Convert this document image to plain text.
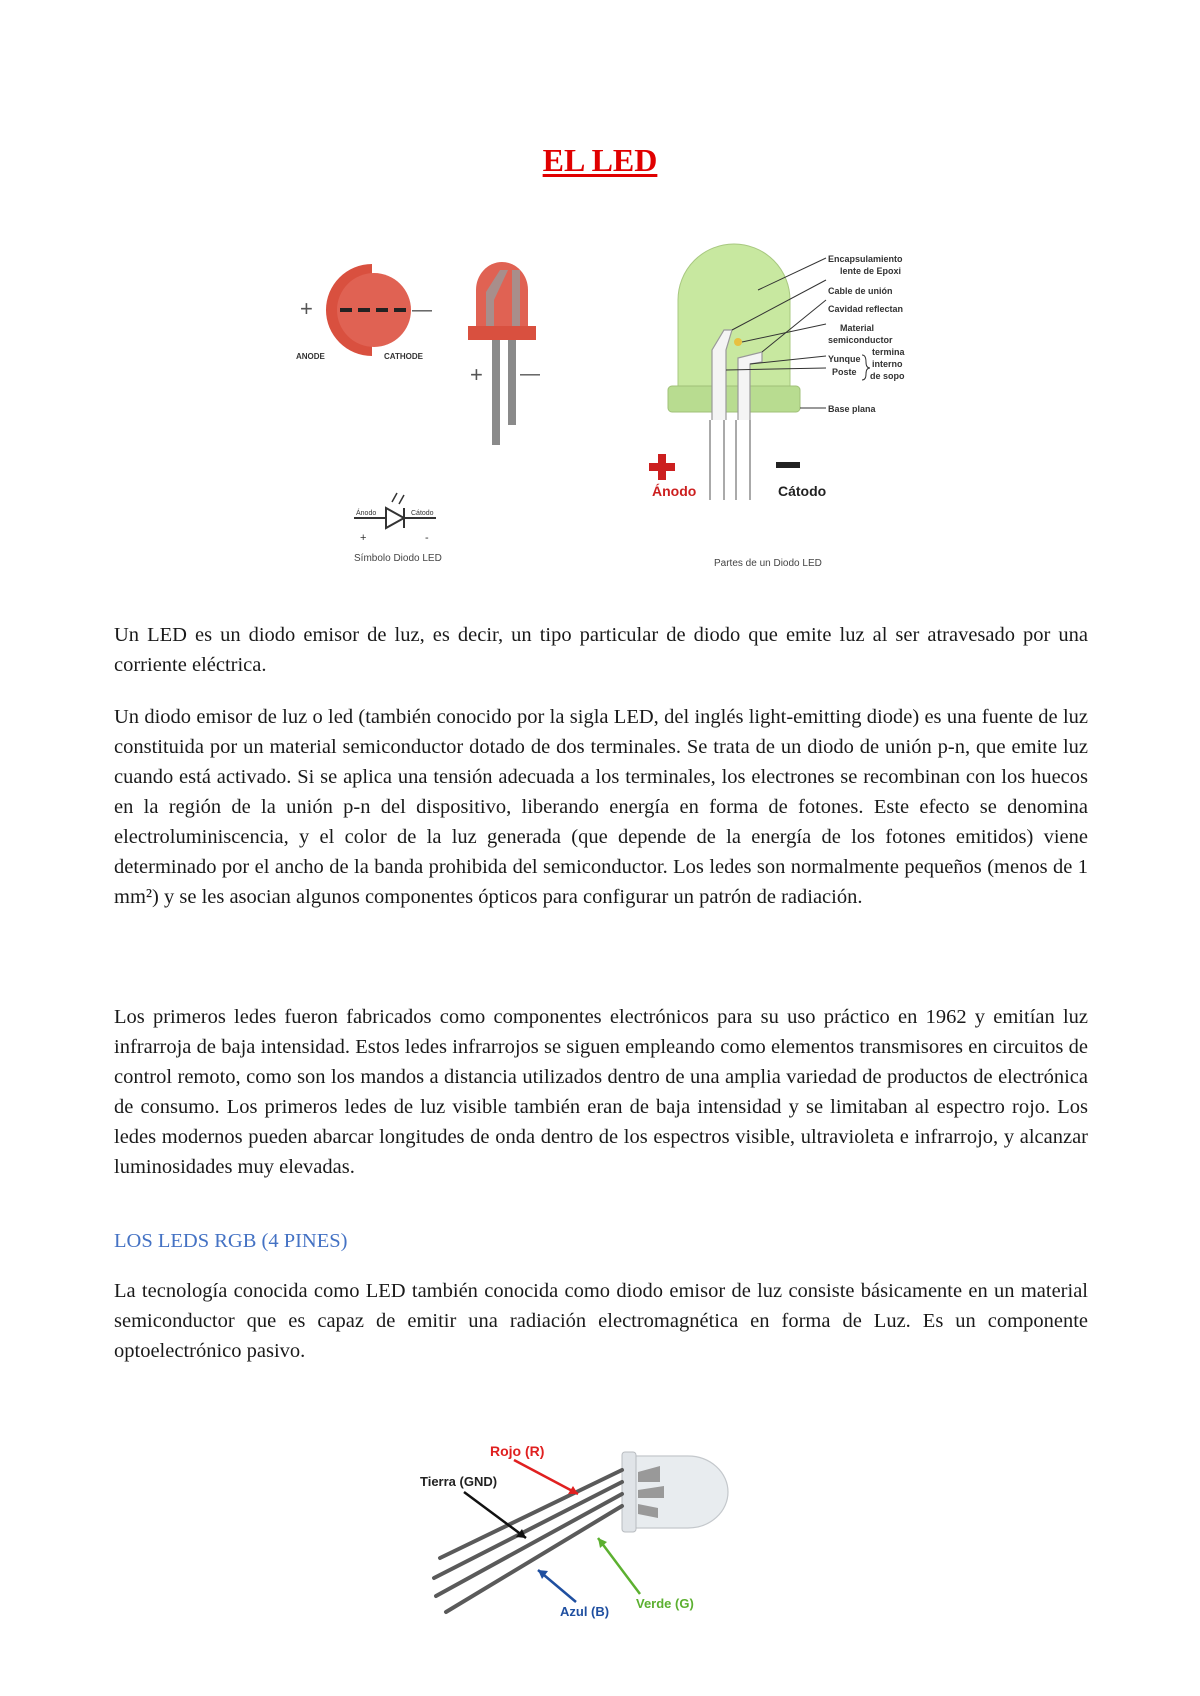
EL LED
+	—
ANODE	CATHODE
+ —
Ánodo	Cátodo
+	-
Símbolo Diodo LED
Encapsulamiento
lente de Epoxi
Cable de unión
Cavidad reflectan
Material
semiconductor
Yunque
Poste
termina
interno
de sopo
Base plana
Ánodo	Cátodo
Partes de un Diodo LED

Un LED es un diodo emisor de luz, es decir, un tipo particular de diodo que emite luz al ser atravesado por una corriente eléctrica.

Un diodo emisor de luz o led (también conocido por la sigla LED, del inglés light-emitting diode) es una fuente de luz constituida por un material semiconductor dotado de dos terminales. Se trata de un diodo de unión p-n, que emite luz cuando está activado. Si se aplica una tensión adecuada a los terminales, los electrones se recombinan con los huecos en la región de la unión p-n del dispositivo, liberando energía en forma de fotones. Este efecto se denomina electroluminiscencia, y el color de la luz generada (que depende de la energía de los fotones emitidos) viene determinado por el ancho de la banda prohibida del semiconductor. Los ledes son normalmente pequeños (menos de 1 mm²) y se les asocian algunos componentes ópticos para configurar un patrón de radiación.

Los primeros ledes fueron fabricados como componentes electrónicos para su uso práctico en 1962 y emitían luz infrarroja de baja intensidad. Estos ledes infrarrojos se siguen empleando como elementos transmisores en circuitos de control remoto, como son los mandos a distancia utilizados dentro de una amplia variedad de productos de electrónica de consumo. Los primeros ledes de luz visible también eran de baja intensidad y se limitaban al espectro rojo. Los ledes modernos pueden abarcar longitudes de onda dentro de los espectros visible, ultravioleta e infrarrojo, y alcanzar luminosidades muy elevadas.

LOS LEDS RGB (4 PINES)

La tecnología conocida como LED también conocida como diodo emisor de luz consiste básicamente en un material semiconductor que es capaz de emitir una radiación electromagnética en forma de Luz. Es un componente optoelectrónico pasivo.

Rojo (R)
Tierra (GND)
Azul (B)
Verde (G)
